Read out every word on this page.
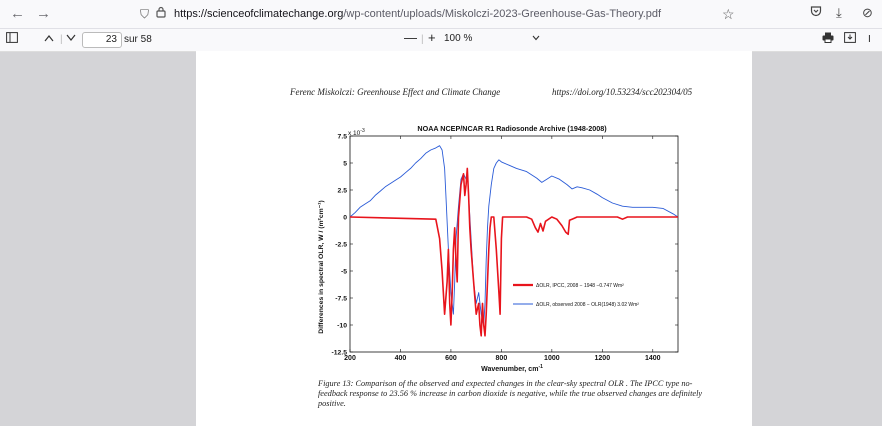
← →	⛉ https://scienceofclimatechange.org/wp-content/uploads/Miskolczi-2023-Greenhouse-Gas-Theory.pdf	☆	⤓ ⊘
|	23 sur 58	— | + 100 %	I
Ferenc Miskolczi: Greenhouse Effect and Climate Change	https://doi.org/10.53234/scc202304/05
NOAA NCEP/NCAR R1 Radiosonde Archive (1948-2008)
200	400	600	800	1000	1200	1400
7.5
5
2.5
0
-2.5
-5
-7.5
-10
-12.5
x $10^{-3}$
Wavenumber, $cm^{-1}$
Differences in spectral OLR, W / (m²cm⁻¹)	ΔOLR, IPCC, 2008 − 1948 −0.747 Wm²
ΔOLR, observed 2008 − OLR(1948) 3.02 Wm²
Figure 13: Comparison of the observed and expected changes in the clear-sky spectral OLR . The IPCC type no-feedback response to 23.56 % increase in carbon dioxide is negative, while the true observed changes are definitely positive.
